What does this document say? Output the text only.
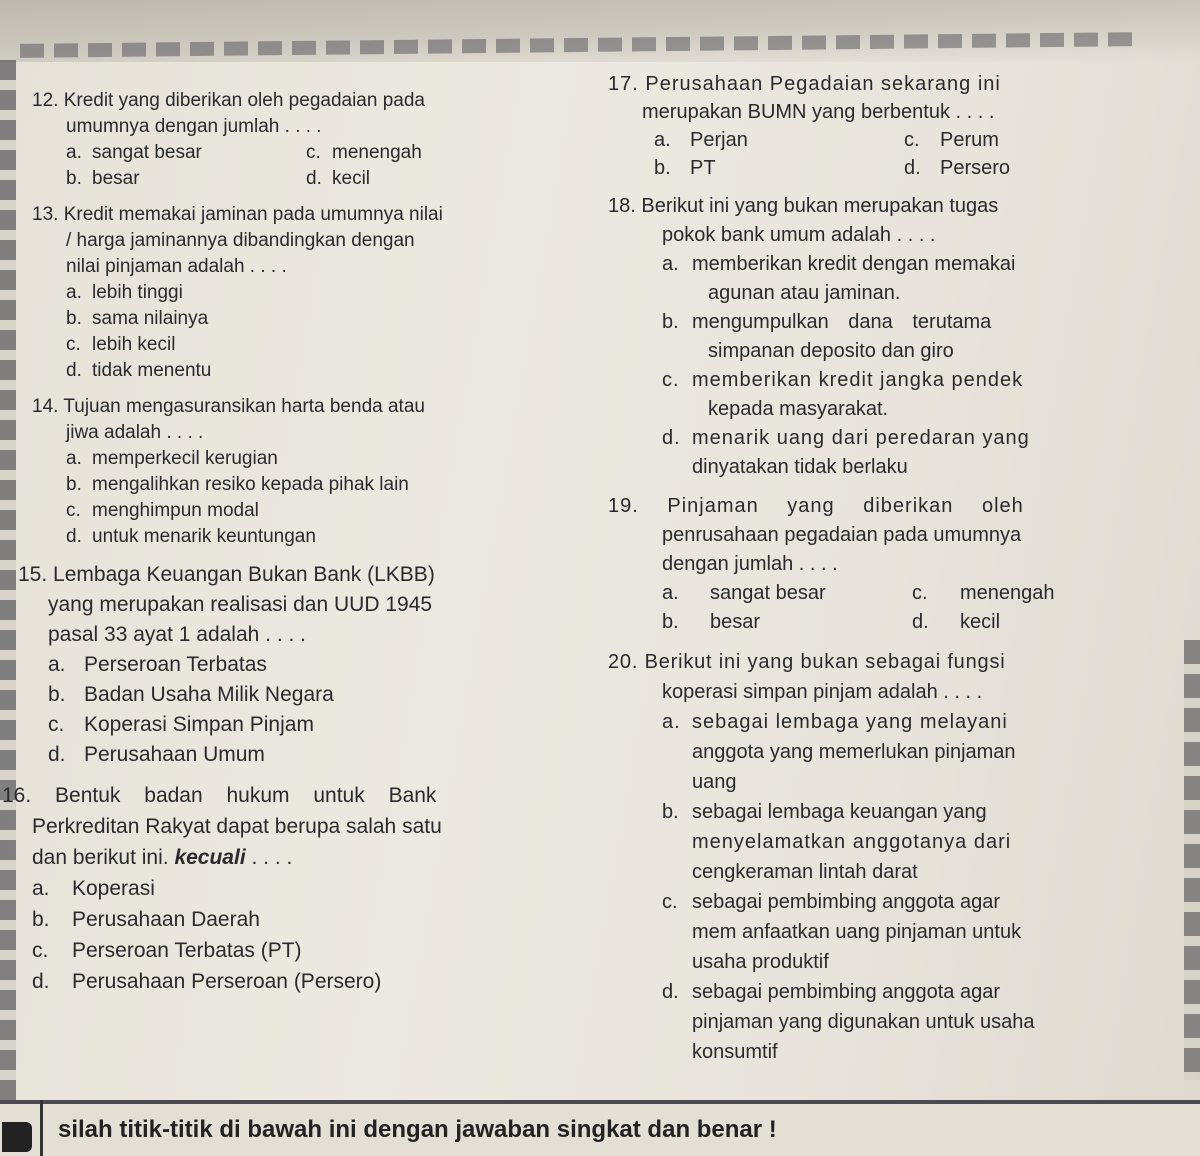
12. Kredit yang diberikan oleh pegadaian pada
umumnya dengan jumlah . . . .
a. sangat besar	c. menengah
b. besar	d. kecil
13. Kredit memakai jaminan pada umumnya nilai
/ harga jaminannya dibandingkan dengan
nilai pinjaman adalah . . . .
a. lebih tinggi
b. sama nilainya
c. lebih kecil
d. tidak menentu
14. Tujuan mengasuransikan harta benda atau
jiwa adalah . . . .
a. memperkecil kerugian
b. mengalihkan resiko kepada pihak lain
c. menghimpun modal
d. untuk menarik keuntungan
15. Lembaga Keuangan Bukan Bank (LKBB)
yang merupakan realisasi dan UUD 1945
pasal 33 ayat 1 adalah . . . .
a. Perseroan Terbatas
b. Badan Usaha Milik Negara
c. Koperasi Simpan Pinjam
d. Perusahaan Umum
16. Bentuk badan hukum untuk Bank
Perkreditan Rakyat dapat berupa salah satu
dan berikut ini. kecuali . . . .
a. Koperasi
b. Perusahaan Daerah
c. Perseroan Terbatas (PT)
d. Perusahaan Perseroan (Persero)
17. Perusahaan Pegadaian sekarang ini
merupakan BUMN yang berbentuk . . . .
a. Perjan	c. Perum
b. PT	d. Persero
18. Berikut ini yang bukan merupakan tugas
pokok bank umum adalah . . . .
a. memberikan kredit dengan memakai
agunan atau jaminan.
b. mengumpulkan dana terutama
simpanan deposito dan giro
c. memberikan kredit jangka pendek
kepada masyarakat.
d. menarik uang dari peredaran yang
dinyatakan tidak berlaku
19. Pinjaman yang diberikan oleh
penrusahaan pegadaian pada umumnya
dengan jumlah . . . .
a. sangat besar	c. menengah
b. besar	d. kecil
20. Berikut ini yang bukan sebagai fungsi
koperasi simpan pinjam adalah . . . .
a. sebagai lembaga yang melayani
anggota yang memerlukan pinjaman
uang
b. sebagai lembaga keuangan yang
menyelamatkan anggotanya dari
cengkeraman lintah darat
c. sebagai pembimbing anggota agar
mem anfaatkan uang pinjaman untuk
usaha produktif
d. sebagai pembimbing anggota agar
pinjaman yang digunakan untuk usaha
konsumtif
silah titik-titik di bawah ini dengan jawaban singkat dan benar !
